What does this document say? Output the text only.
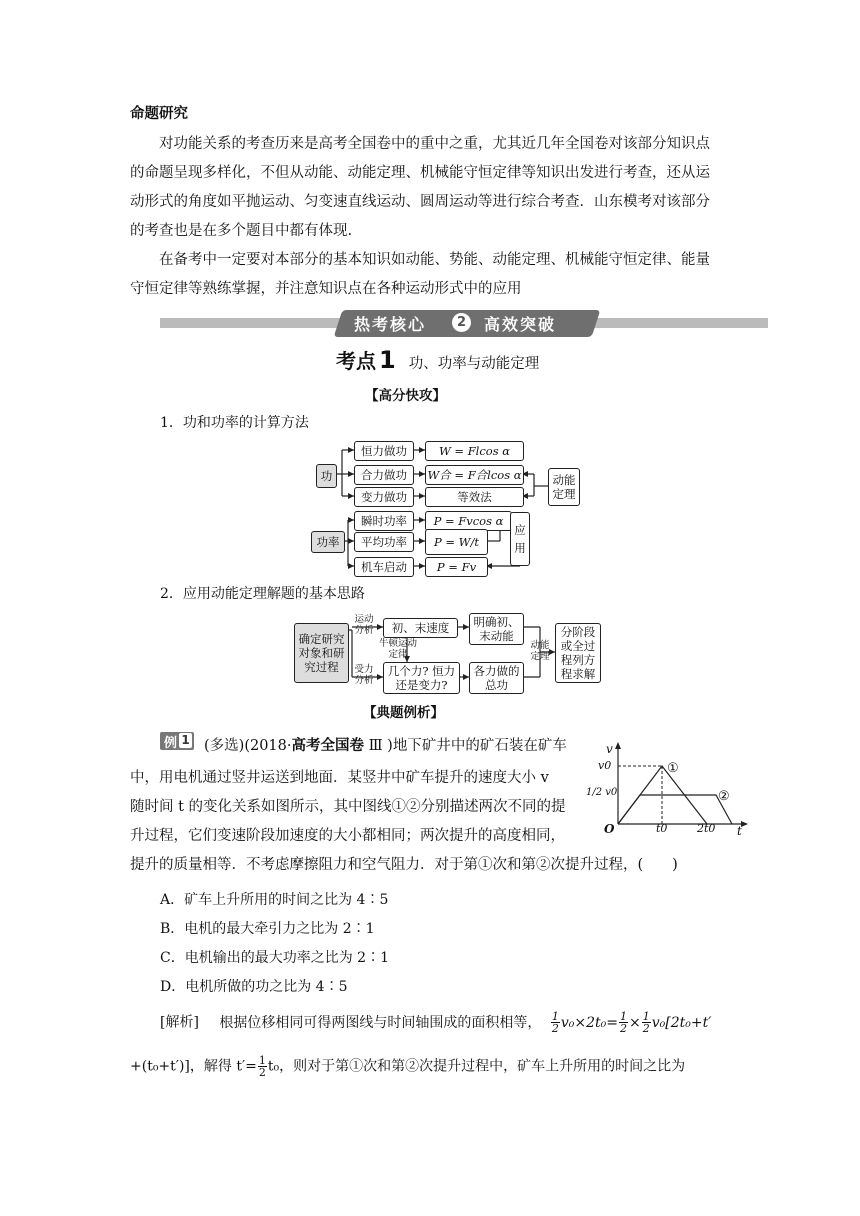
命题研究
对功能关系的考查历来是高考全国卷中的重中之重，尤其近几年全国卷对该部分知识点
的命题呈现多样化，不但从动能、动能定理、机械能守恒定律等知识出发进行考查，还从运
动形式的角度如平抛运动、匀变速直线运动、圆周运动等进行综合考查．山东模考对该部分
的考查也是在多个题目中都有体现.
在备考中一定要对本部分的基本知识如动能、势能、动能定理、机械能守恒定律、能量
守恒定律等熟练掌握，并注意知识点在各种运动形式中的应用
热考核心	2	高效突破
考点 1 功、功率与动能定理
【高分快攻】
1．功和功率的计算方法
功
功率
恒力做功	W = Flcos α
合力做功	W合 = F合lcos α
变力做功	等效法
动能定理
瞬时功率	P = Fvcos α
平均功率	P = W/t
机车启动	P = Fv
应用
2．应用动能定理解题的基本思路
确定研究对象和研究过程
运动分析
受力分析
初、末速度
牛顿运动定律
几个力? 恒力还是变力?
明确初、末动能
各力做的总功
动能定理
分阶段或全过程列方程求解
【典题例析】
例 1 (多选)(2018·高考全国卷 Ⅲ )地下矿井中的矿石装在矿车
中，用电机通过竖井运送到地面．某竖井中矿车提升的速度大小 v
随时间 t 的变化关系如图所示，其中图线①②分别描述两次不同的提
升过程，它们变速阶段加速度的大小都相同；两次提升的高度相同，
提升的质量相等．不考虑摩擦阻力和空气阻力．对于第①次和第②次提升过程，(　　)
A．矿车上升所用的时间之比为 4∶5
B．电机的最大牵引力之比为 2∶1
C．电机输出的最大功率之比为 2∶1
D．电机所做的功之比为 4∶5
v
t
O
v0
1/2 v0
t0	2t0
①
②
[解析] 根据位移相同可得两图线与时间轴围成的面积相等， $\frac{1}{2} v_0\times 2t_0= \frac{1}{2} \times \frac{1}{2} v_0[2t_0+t'$
+(t₀+t′)]，解得 $t'= \frac{1}{2} t_0$，则对于第①次和第②次提升过程中，矿车上升所用的时间之比为
